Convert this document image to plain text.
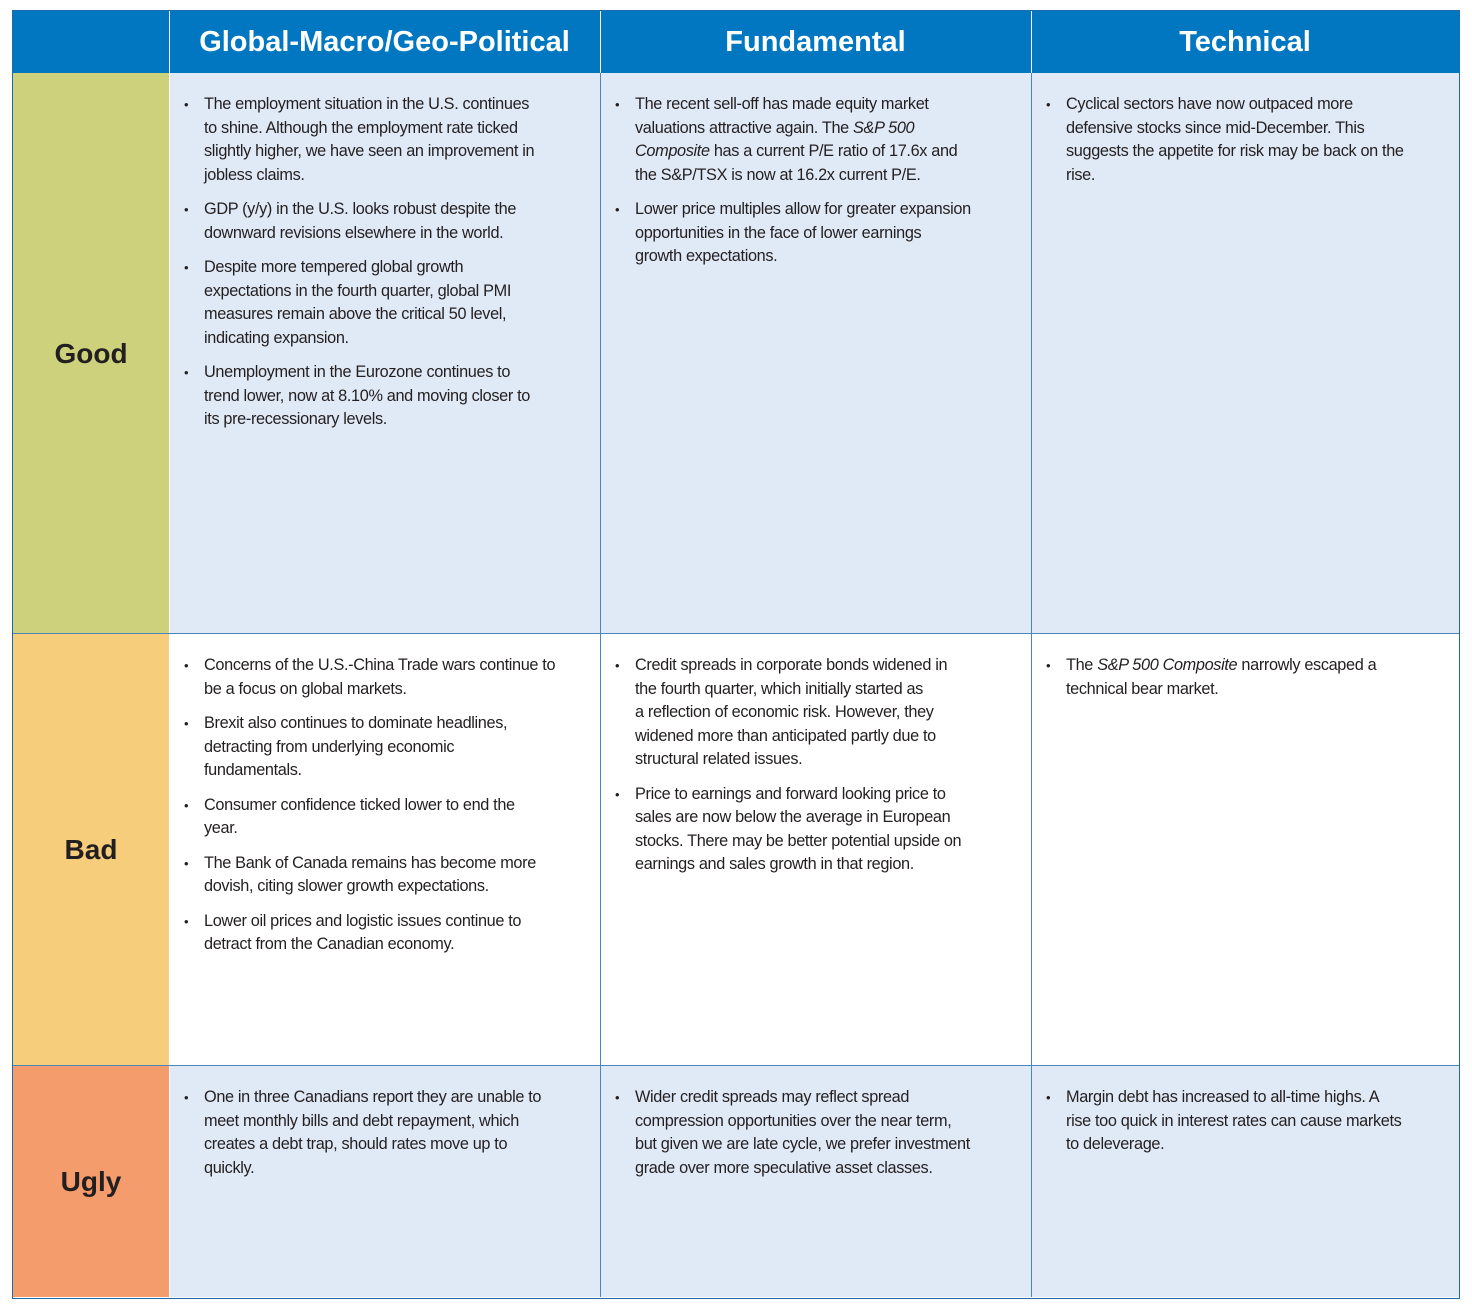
Global-Macro/Geo-Political	Fundamental	Technical
Good
• The employment situation in the U.S. continues
to shine. Although the employment rate ticked
slightly higher, we have seen an improvement in
jobless claims.
• GDP (y/y) in the U.S. looks robust despite the
downward revisions elsewhere in the world.
• Despite more tempered global growth
expectations in the fourth quarter, global PMI
measures remain above the critical 50 level,
indicating expansion.
• Unemployment in the Eurozone continues to
trend lower, now at 8.10% and moving closer to
its pre-recessionary levels.
• The recent sell-off has made equity market
valuations attractive again. The S&P 500
Composite has a current P/E ratio of 17.6x and
the S&P/TSX is now at 16.2x current P/E.
• Lower price multiples allow for greater expansion
opportunities in the face of lower earnings
growth expectations.
• Cyclical sectors have now outpaced more
defensive stocks since mid-December. This
suggests the appetite for risk may be back on the
rise.
Bad
• Concerns of the U.S.-China Trade wars continue to
be a focus on global markets.
• Brexit also continues to dominate headlines,
detracting from underlying economic
fundamentals.
• Consumer confidence ticked lower to end the
year.
• The Bank of Canada remains has become more
dovish, citing slower growth expectations.
• Lower oil prices and logistic issues continue to
detract from the Canadian economy.
• Credit spreads in corporate bonds widened in
the fourth quarter, which initially started as
a reflection of economic risk. However, they
widened more than anticipated partly due to
structural related issues.
• Price to earnings and forward looking price to
sales are now below the average in European
stocks. There may be better potential upside on
earnings and sales growth in that region.
• The S&P 500 Composite narrowly escaped a
technical bear market.
Ugly
• One in three Canadians report they are unable to
meet monthly bills and debt repayment, which
creates a debt trap, should rates move up to
quickly.
• Wider credit spreads may reflect spread
compression opportunities over the near term,
but given we are late cycle, we prefer investment
grade over more speculative asset classes.
• Margin debt has increased to all-time highs. A
rise too quick in interest rates can cause markets
to deleverage.
